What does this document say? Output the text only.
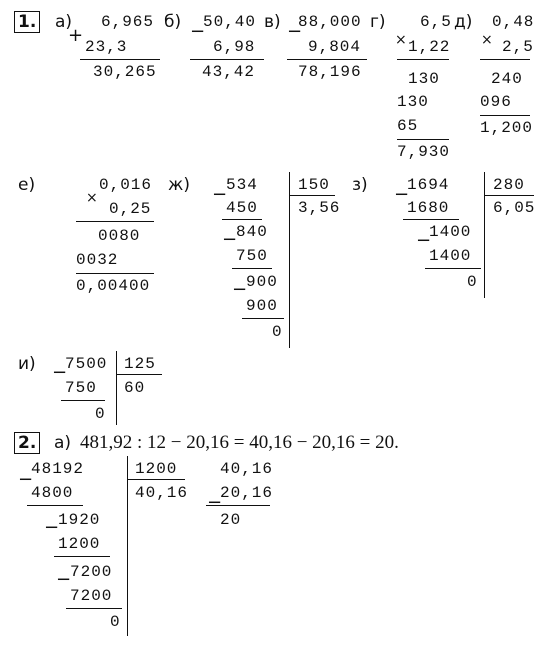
1. а)
+
6,965
23,3
30,265
б) −
50,40
6,98
43,42
в) −
88,000
9,804
78,196
г)
×
6,5
1,22
130
130
65
7,930
д)
×
0,48
2,5
240
096
1,200
е)
×
0,016
0,25
0080
0032
0,00400
ж) −
534
450
−
840
750
−
900
900
0
150
3,56
з) −
1694
1680
−
1400
1400
0
280
6,05
и) −
7500
750
0
125
60
2. а) 481,92 : 12 − 20,16 = 40,16 − 20,16 = 20.
−
48192
4800
−
1920
1200
−
7200
7200
0
1200
40,16
40,16
−
20,16
20
